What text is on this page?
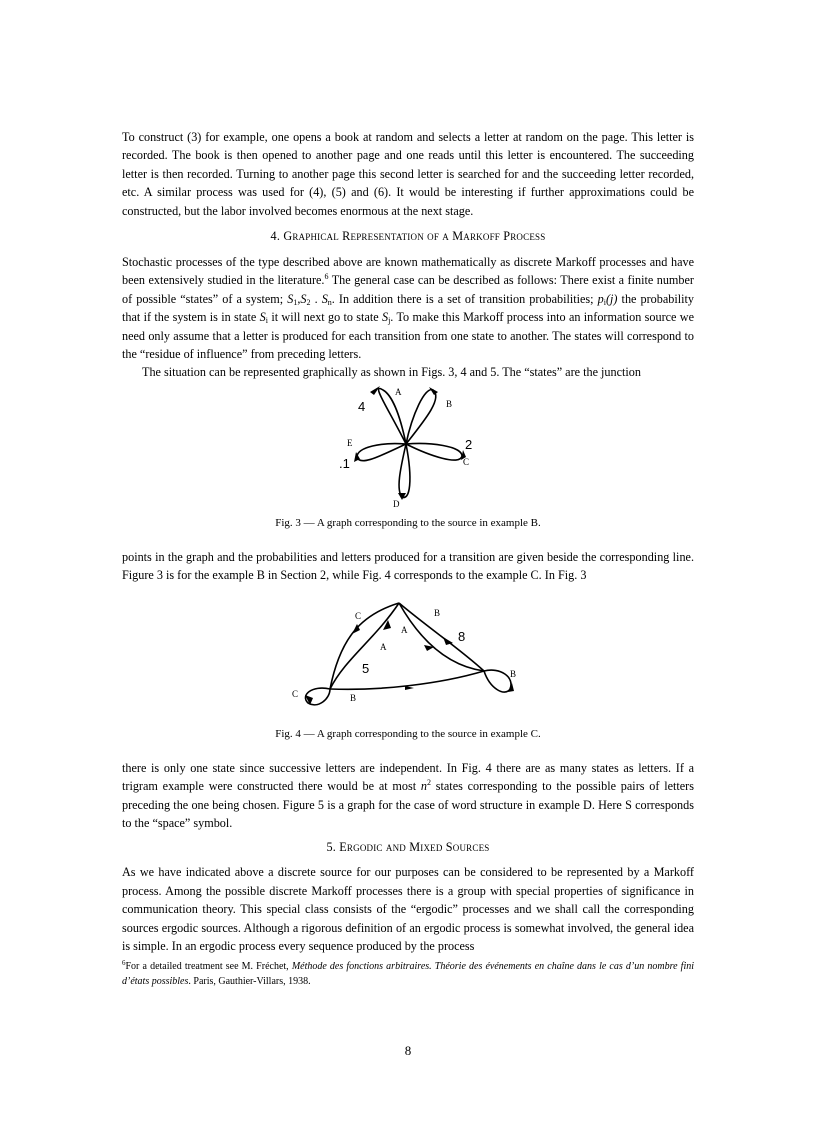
To construct (3) for example, one opens a book at random and selects a letter at random on the page. This letter is recorded. The book is then opened to another page and one reads until this letter is encountered. The succeeding letter is then recorded. Turning to another page this second letter is searched for and the succeeding letter recorded, etc. A similar process was used for (4), (5) and (6). It would be interesting if further approximations could be constructed, but the labor involved becomes enormous at the next stage.

4. Graphical Representation of a Markoff Process

Stochastic processes of the type described above are known mathematically as discrete Markoff processes and have been extensively studied in the literature.$^6$ The general case can be described as follows: There exist a finite number of possible “states” of a system; $S_1,S_2$ . $S_n$. In addition there is a set of transition probabilities; $p_i(j)$ the probability that if the system is in state $S_i$ it will next go to state $S_j$. To make this Markoff process into an information source we need only assume that a letter is produced for each transition from one state to another. The states will correspond to the “residue of influence” from preceding letters.

The situation can be represented graphically as shown in Figs. 3, 4 and 5. The “states” are the junction

A
B
C
D
E
4
2
.1
Fig. 3 — A graph corresponding to the source in example B.

points in the graph and the probabilities and letters produced for a transition are given beside the corresponding line. Figure 3 is for the example B in Section 2, while Fig. 4 corresponds to the example C. In Fig. 3

C	B
A
A
B
C	B
8
5
Fig. 4 — A graph corresponding to the source in example C.

there is only one state since successive letters are independent. In Fig. 4 there are as many states as letters. If a trigram example were constructed there would be at most $n^2$ states corresponding to the possible pairs of letters preceding the one being chosen. Figure 5 is a graph for the case of word structure in example D. Here S corresponds to the “space” symbol.

5. Ergodic and Mixed Sources

As we have indicated above a discrete source for our purposes can be considered to be represented by a Markoff process. Among the possible discrete Markoff processes there is a group with special properties of significance in communication theory. This special class consists of the “ergodic” processes and we shall call the corresponding sources ergodic sources. Although a rigorous definition of an ergodic process is somewhat involved, the general idea is simple. In an ergodic process every sequence produced by the process

$^6$For a detailed treatment see M. Fréchet, Méthode des fonctions arbitraires. Théorie des événements en chaîne dans le cas d’un nombre fini d’états possibles. Paris, Gauthier-Villars, 1938.
8
